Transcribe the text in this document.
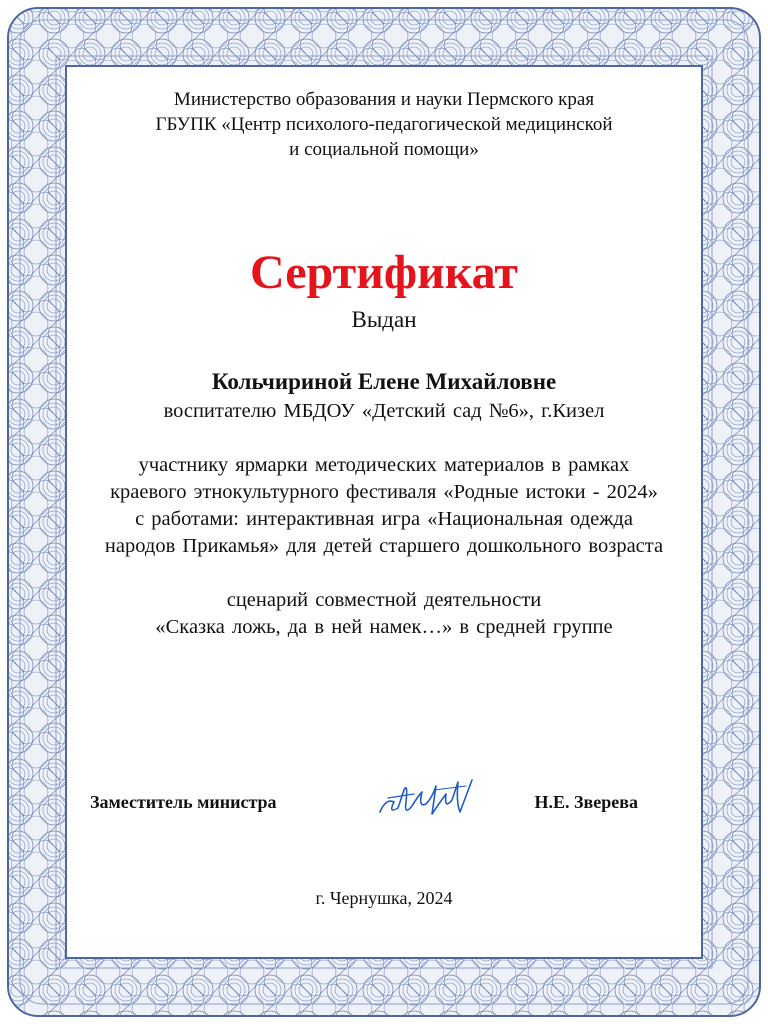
Министерство образования и науки Пермского края
ГБУПК «Центр психолого-педагогической медицинской
и социальной помощи»
Сертификат
Выдан
Кольчириной Елене Михайловне
воспитателю МБДОУ «Детский сад №6», г.Кизел
участнику ярмарки методических материалов в рамках
краевого этнокультурного фестиваля «Родные истоки - 2024»
с работами: интерактивная игра «Национальная одежда
народов Прикамья» для детей старшего дошкольного возраста
сценарий совместной деятельности
«Сказка ложь, да в ней намек…» в средней группе
Заместитель министра	Н.Е. Зверева
г. Чернушка, 2024
